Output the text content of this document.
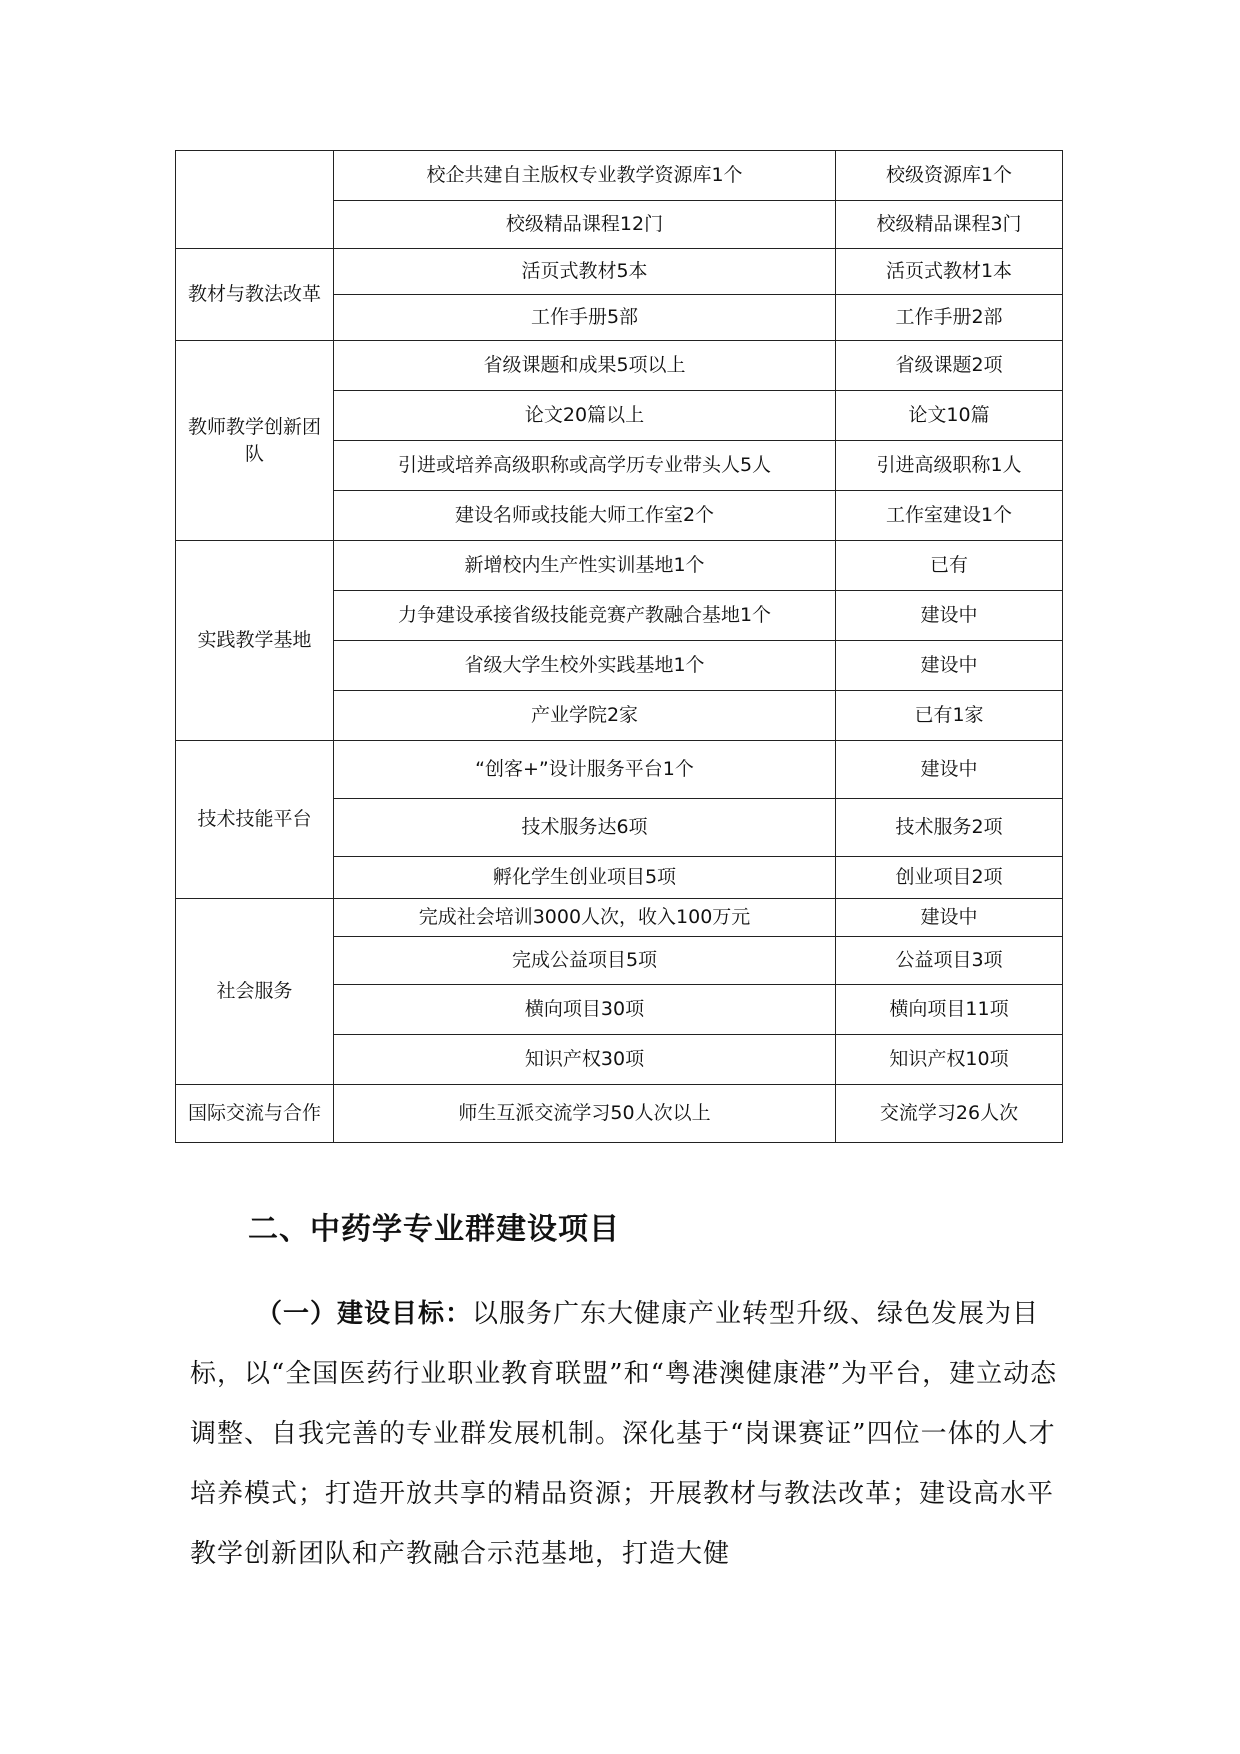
	校企共建自主版权专业教学资源库1个	校级资源库1个
	校级精品课程12门	校级精品课程3门
教材与教法改革	活页式教材5本	活页式教材1本
	工作手册5部	工作手册2部
教师教学创新团队	省级课题和成果5项以上	省级课题2项
	论文20篇以上	论文10篇
	引进或培养高级职称或高学历专业带头人5人	引进高级职称1人
	建设名师或技能大师工作室2个	工作室建设1个
实践教学基地	新增校内生产性实训基地1个	已有
	力争建设承接省级技能竞赛产教融合基地1个	建设中
	省级大学生校外实践基地1个	建设中
	产业学院2家	已有1家
技术技能平台	“创客+”设计服务平台1个	建设中
	技术服务达6项	技术服务2项
	孵化学生创业项目5项	创业项目2项
社会服务	完成社会培训3000人次，收入100万元	建设中
	完成公益项目5项	公益项目3项
	横向项目30项	横向项目11项
	知识产权30项	知识产权10项
国际交流与合作	师生互派交流学习50人次以上	交流学习26人次
二、中药学专业群建设项目

（一）建设目标：以服务广东大健康产业转型升级、绿色发展为目标，以“全国医药行业职业教育联盟”和“粤港澳健康港”为平台，建立动态调整、自我完善的专业群发展机制。深化基于“岗课赛证”四位一体的人才培养模式；打造开放共享的精品资源；开展教材与教法改革；建设高水平教学创新团队和产教融合示范基地，打造大健
